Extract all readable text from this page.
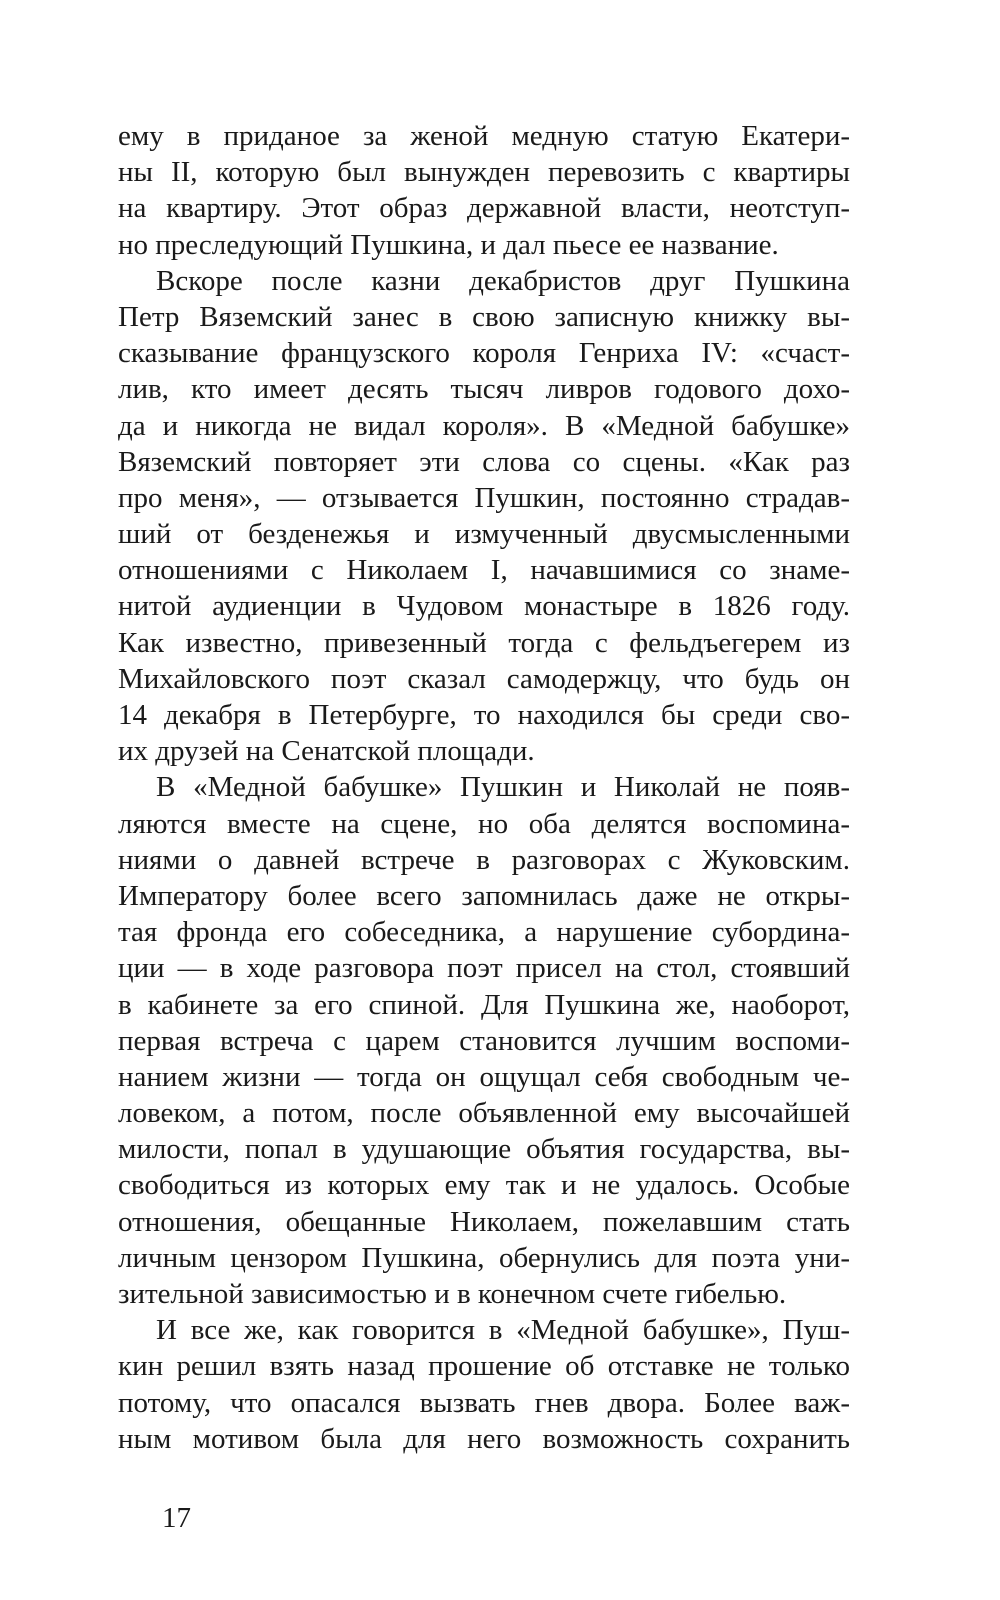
ему в приданое за женой медную статую Екатери-
ны II, которую был вынужден перевозить с квартиры
на квартиру. Этот образ державной власти, неотступ-
но преследующий Пушкина, и дал пьесе ее название.
Вскоре после казни декабристов друг Пушкина
Петр Вяземский занес в свою записную книжку вы-
сказывание французского короля Генриха IV: «счаст-
лив, кто имеет десять тысяч ливров годового дохо-
да и никогда не видал короля». В «Медной бабушке»
Вяземский повторяет эти слова со сцены. «Как раз
про меня», — отзывается Пушкин, постоянно страдав-
ший от безденежья и измученный двусмысленными
отношениями с Николаем I, начавшимися со знаме-
нитой аудиенции в Чудовом монастыре в 1826 году.
Как известно, привезенный тогда с фельдъегерем из
Михайловского поэт сказал самодержцу, что будь он
14 декабря в Петербурге, то находился бы среди сво-
их друзей на Сенатской площади.
В «Медной бабушке» Пушкин и Николай не появ-
ляются вместе на сцене, но оба делятся воспомина-
ниями о давней встрече в разговорах с Жуковским.
Императору более всего запомнилась даже не откры-
тая фронда его собеседника, а нарушение субордина-
ции — в ходе разговора поэт присел на стол, стоявший
в кабинете за его спиной. Для Пушкина же, наоборот,
первая встреча с царем становится лучшим воспоми-
нанием жизни — тогда он ощущал себя свободным че-
ловеком, а потом, после объявленной ему высочайшей
милости, попал в удушающие объятия государства, вы-
свободиться из которых ему так и не удалось. Особые
отношения, обещанные Николаем, пожелавшим стать
личным цензором Пушкина, обернулись для поэта уни-
зительной зависимостью и в конечном счете гибелью.
И все же, как говорится в «Медной бабушке», Пуш-
кин решил взять назад прошение об отставке не только
потому, что опасался вызвать гнев двора. Более важ-
ным мотивом была для него возможность сохранить
17
